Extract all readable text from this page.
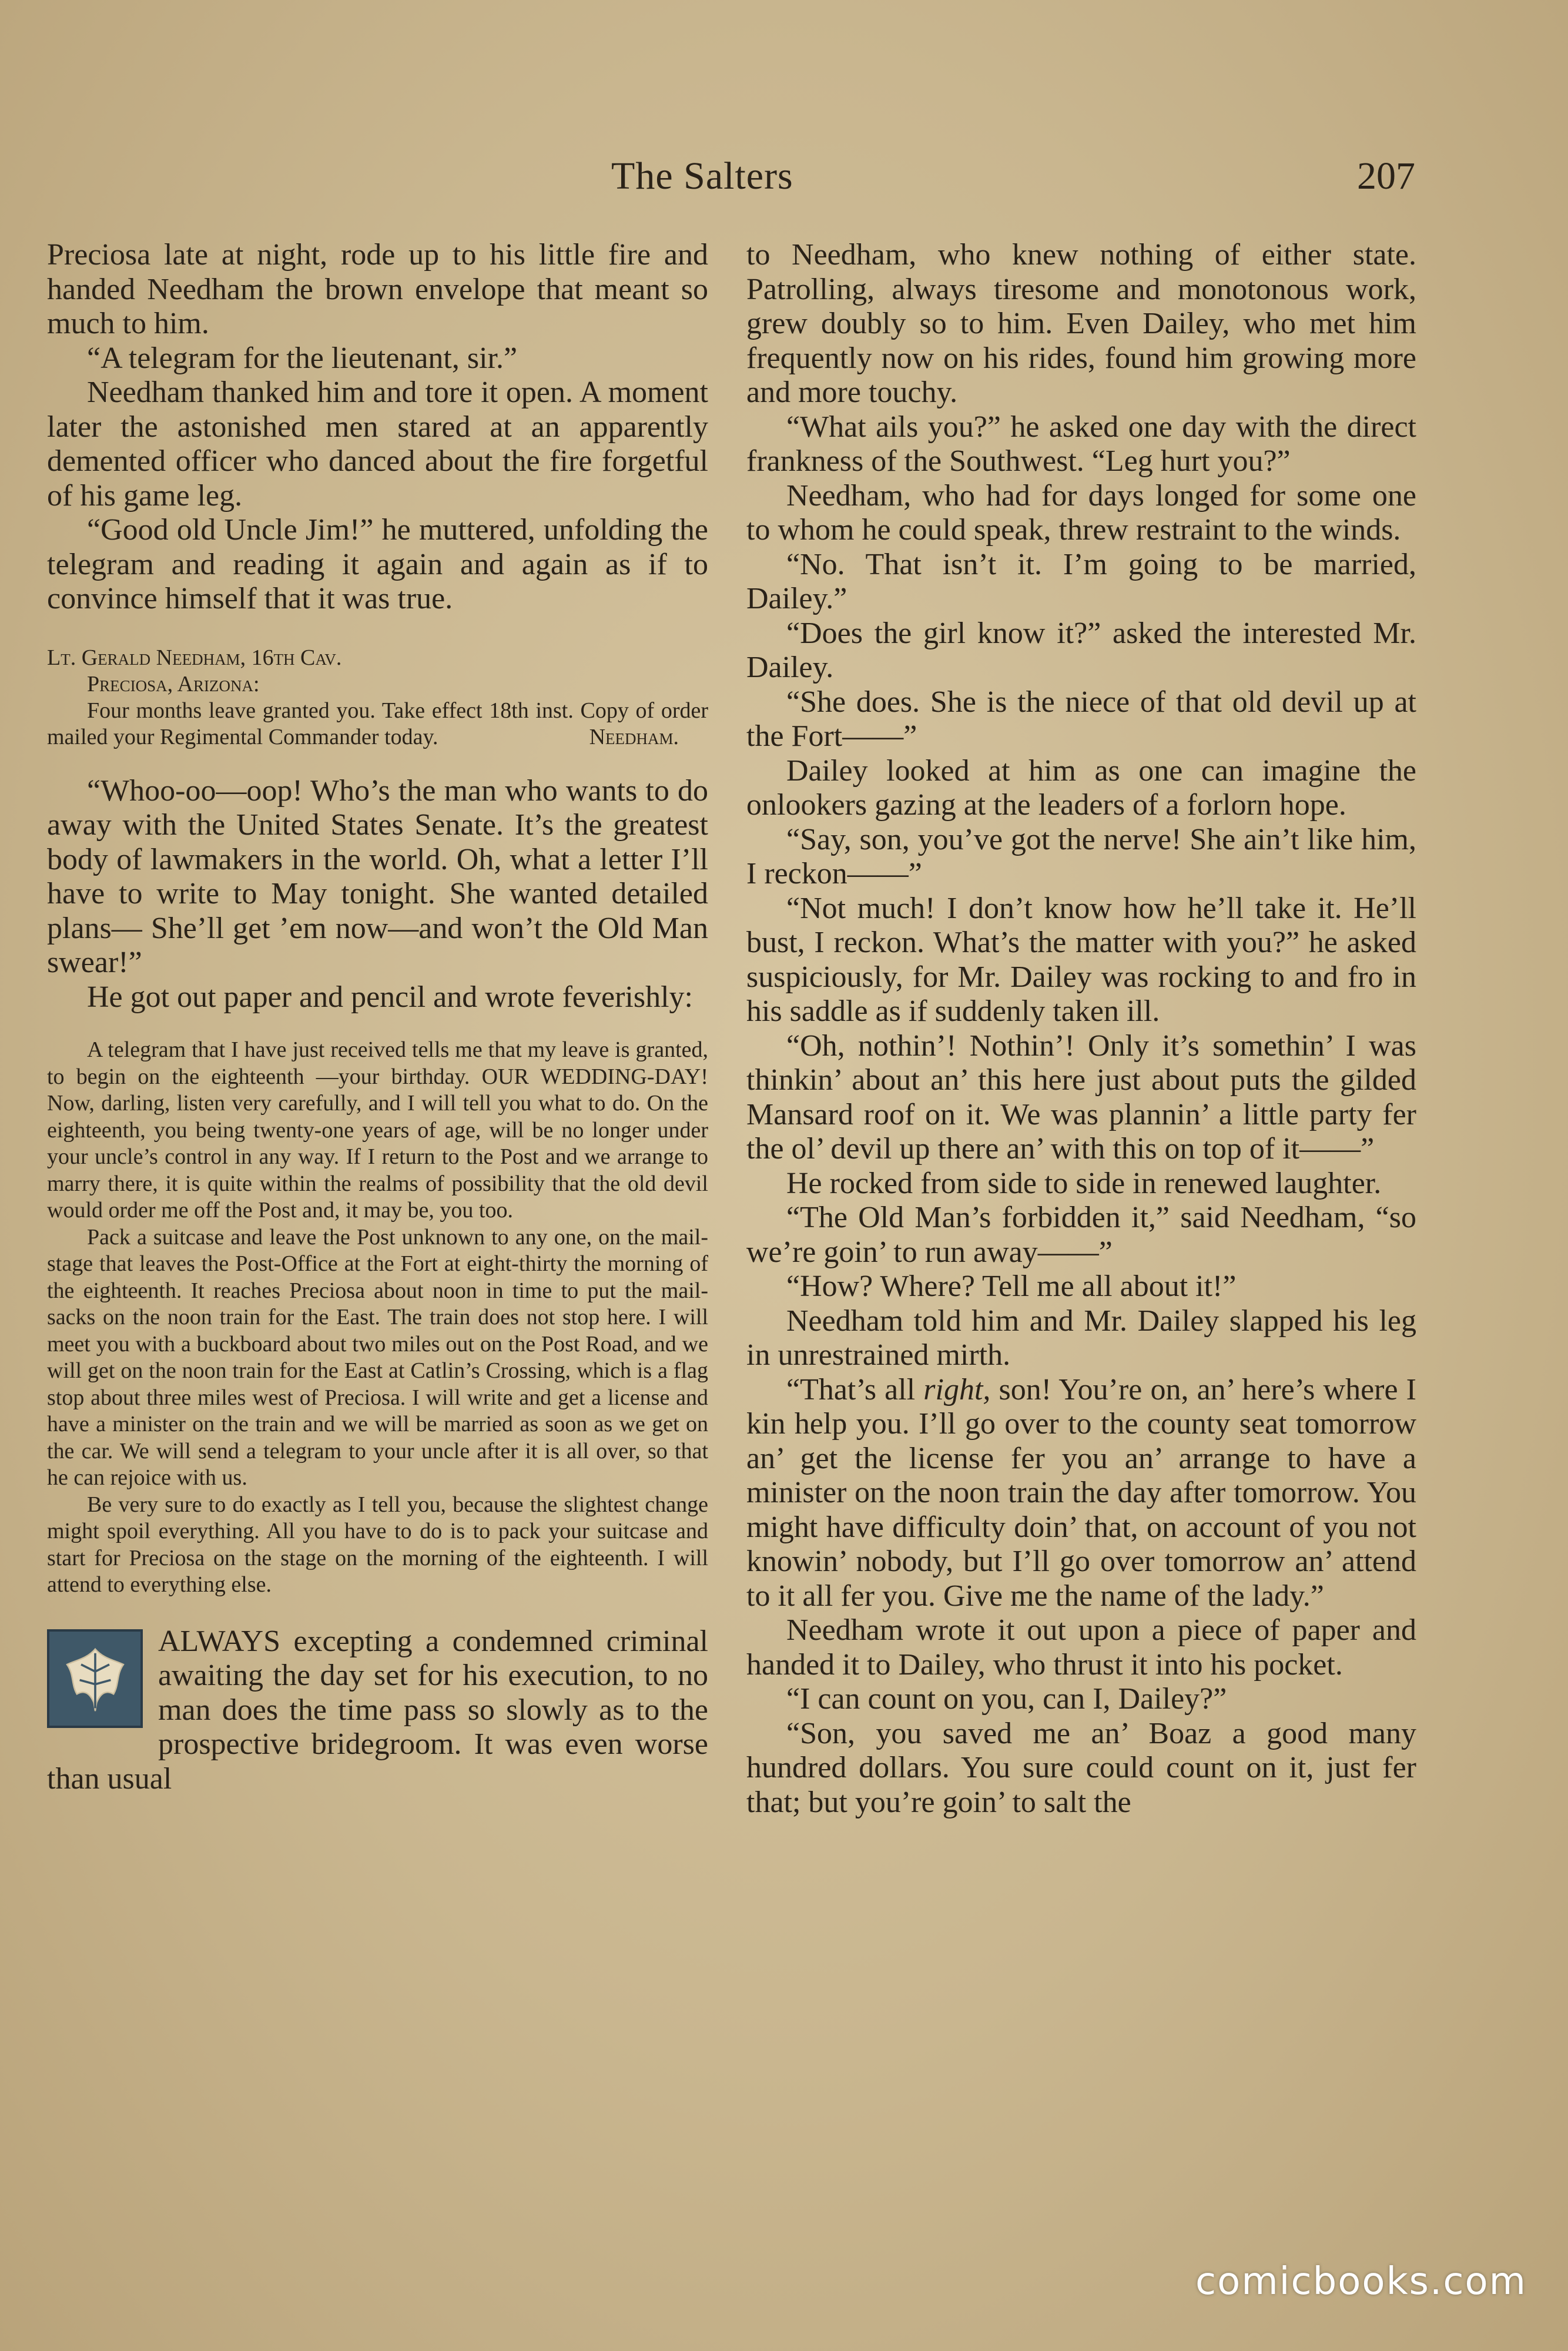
The Salters	207

Preciosa late at night, rode up to his little fire and handed Needham the brown envelope that meant so much to him.

“A telegram for the lieutenant, sir.”

Needham thanked him and tore it open. A moment later the astonished men stared at an apparently demented officer who danced about the fire forgetful of his game leg.

“Good old Uncle Jim!” he muttered, unfolding the telegram and reading it again and again as if to convince himself that it was true.

Lt. Gerald Needham, 16th Cav.
Preciosa, Arizona:
Four months leave granted you. Take effect 18th inst. Copy of order mailed your Regimental Commander today.	Needham.

“Whoo-oo—oop! Who’s the man who wants to do away with the United States Senate. It’s the greatest body of lawmakers in the world. Oh, what a letter I’ll have to write to May tonight. She wanted detailed plans— She’ll get ’em now—and won’t the Old Man swear!”

He got out paper and pencil and wrote feverishly:

A telegram that I have just received tells me that my leave is granted, to begin on the eighteenth —your birthday. OUR WEDDING-DAY! Now, darling, listen very carefully, and I will tell you what to do. On the eighteenth, you being twenty-one years of age, will be no longer under your uncle’s control in any way. If I return to the Post and we arrange to marry there, it is quite within the realms of possibility that the old devil would order me off the Post and, it may be, you too.

Pack a suitcase and leave the Post unknown to any one, on the mail-stage that leaves the Post-Office at the Fort at eight-thirty the morning of the eighteenth. It reaches Preciosa about noon in time to put the mail-sacks on the noon train for the East. The train does not stop here. I will meet you with a buckboard about two miles out on the Post Road, and we will get on the noon train for the East at Catlin’s Crossing, which is a flag stop about three miles west of Preciosa. I will write and get a license and have a minister on the train and we will be married as soon as we get on the car. We will send a telegram to your uncle after it is all over, so that he can rejoice with us.

Be very sure to do exactly as I tell you, because the slightest change might spoil everything. All you have to do is to pack your suitcase and start for Preciosa on the stage on the morning of the eighteenth. I will attend to everything else.

ALWAYS excepting a condemned criminal awaiting the day set for his execution, to no man does the time pass so slowly as to the prospective bridegroom. It was even worse than usual

to Needham, who knew nothing of either state. Patrolling, always tiresome and monotonous work, grew doubly so to him. Even Dailey, who met him frequently now on his rides, found him growing more and more touchy.

“What ails you?” he asked one day with the direct frankness of the Southwest. “Leg hurt you?”

Needham, who had for days longed for some one to whom he could speak, threw restraint to the winds.

“No. That isn’t it. I’m going to be married, Dailey.”

“Does the girl know it?” asked the interested Mr. Dailey.

“She does. She is the niece of that old devil up at the Fort——”

Dailey looked at him as one can imagine the onlookers gazing at the leaders of a forlorn hope.

“Say, son, you’ve got the nerve! She ain’t like him, I reckon——”

“Not much! I don’t know how he’ll take it. He’ll bust, I reckon. What’s the matter with you?” he asked suspiciously, for Mr. Dailey was rocking to and fro in his saddle as if suddenly taken ill.

“Oh, nothin’! Nothin’! Only it’s somethin’ I was thinkin’ about an’ this here just about puts the gilded Mansard roof on it. We was plannin’ a little party fer the ol’ devil up there an’ with this on top of it——”

He rocked from side to side in renewed laughter.

“The Old Man’s forbidden it,” said Needham, “so we’re goin’ to run away——”

“How? Where? Tell me all about it!”

Needham told him and Mr. Dailey slapped his leg in unrestrained mirth.

“That’s all right, son! You’re on, an’ here’s where I kin help you. I’ll go over to the county seat tomorrow an’ get the license fer you an’ arrange to have a minister on the noon train the day after tomorrow. You might have difficulty doin’ that, on account of you not knowin’ nobody, but I’ll go over tomorrow an’ attend to it all fer you. Give me the name of the lady.”

Needham wrote it out upon a piece of paper and handed it to Dailey, who thrust it into his pocket.

“I can count on you, can I, Dailey?”

“Son, you saved me an’ Boaz a good many hundred dollars. You sure could count on it, just fer that; but you’re goin’ to salt the

comicbooks.com
